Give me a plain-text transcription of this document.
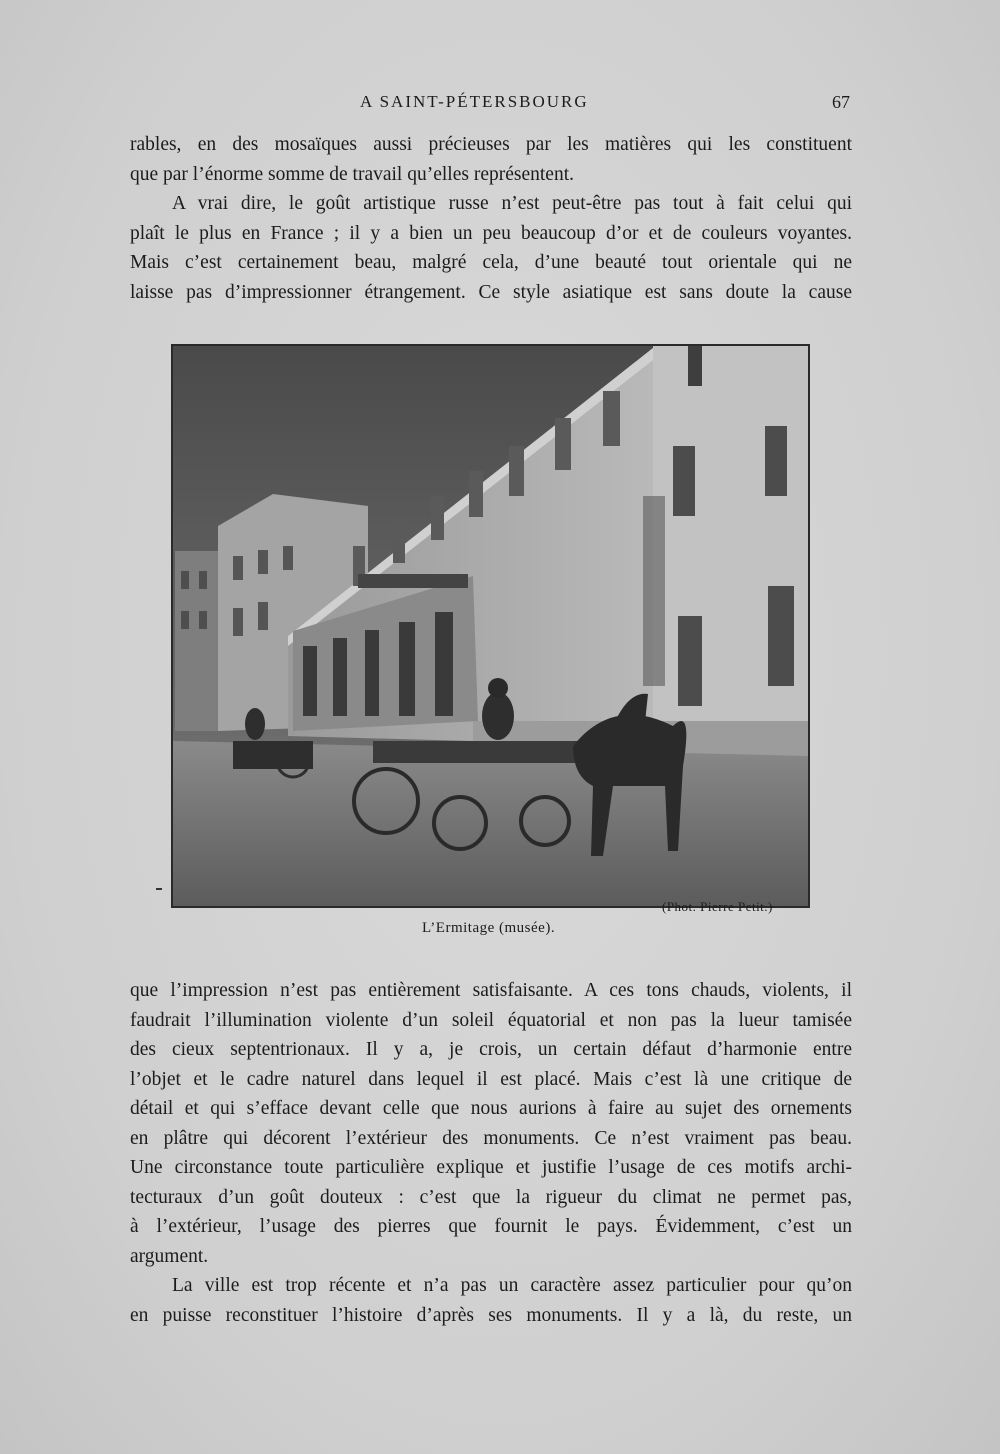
A SAINT-PÉTERSBOURG	67
rables, en des mosaïques aussi précieuses par les matières qui les constituent
que par l’énorme somme de travail qu’elles représentent.
A vrai dire, le goût artistique russe n’est peut-être pas tout à fait celui qui
plaît le plus en France ; il y a bien un peu beaucoup d’or et de couleurs voyantes.
Mais c’est certainement beau, malgré cela, d’une beauté tout orientale qui ne
laisse pas d’impressionner étrangement. Ce style asiatique est sans doute la cause
(Phot. Pierre Petit.)
L’Ermitage (musée).
que l’impression n’est pas entièrement satisfaisante. A ces tons chauds, violents, il
faudrait l’illumination violente d’un soleil équatorial et non pas la lueur tamisée
des cieux septentrionaux. Il y a, je crois, un certain défaut d’harmonie entre
l’objet et le cadre naturel dans lequel il est placé. Mais c’est là une critique de
détail et qui s’efface devant celle que nous aurions à faire au sujet des ornements
en plâtre qui décorent l’extérieur des monuments. Ce n’est vraiment pas beau.
Une circonstance toute particulière explique et justifie l’usage de ces motifs archi-
tecturaux d’un goût douteux : c’est que la rigueur du climat ne permet pas,
à l’extérieur, l’usage des pierres que fournit le pays. Évidemment, c’est un
argument.
La ville est trop récente et n’a pas un caractère assez particulier pour qu’on
en puisse reconstituer l’histoire d’après ses monuments. Il y a là, du reste, un
